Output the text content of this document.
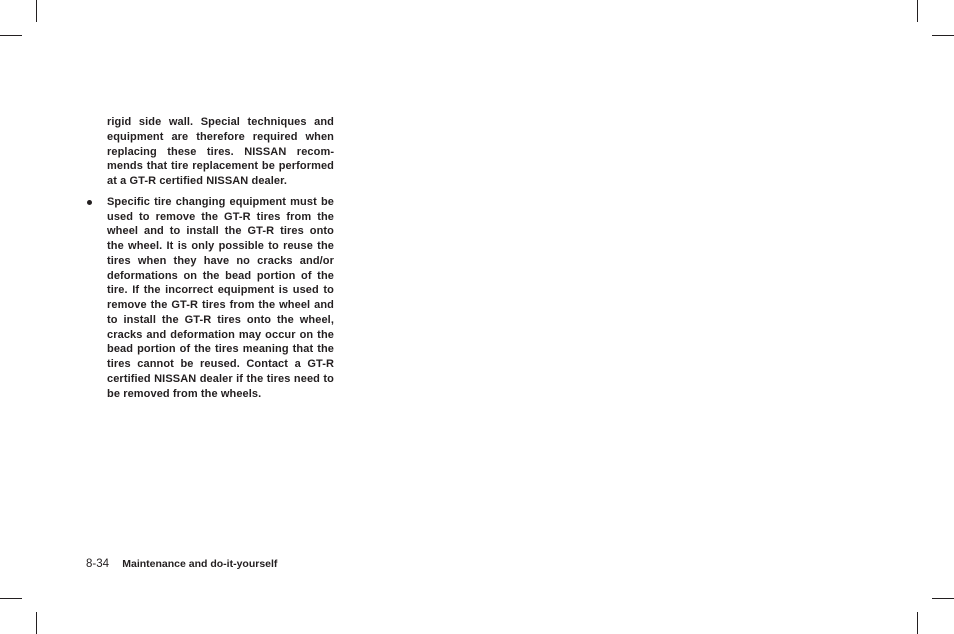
rigid side wall. Special techniques and equipment are therefore required when replacing these tires. NISSAN recommends that tire replacement be performed at a GT-R certified NISSAN dealer.

Specific tire changing equipment must be used to remove the GT-R tires from the wheel and to install the GT-R tires onto the wheel. It is only possible to reuse the tires when they have no cracks and/or deformations on the bead portion of the tire. If the incorrect equipment is used to remove the GT-R tires from the wheel and to install the GT-R tires onto the wheel, cracks and deformation may occur on the bead portion of the tires meaning that the tires cannot be reused. Contact a GT-R certified NISSAN dealer if the tires need to be removed from the wheels.

8-34 Maintenance and do-it-yourself
